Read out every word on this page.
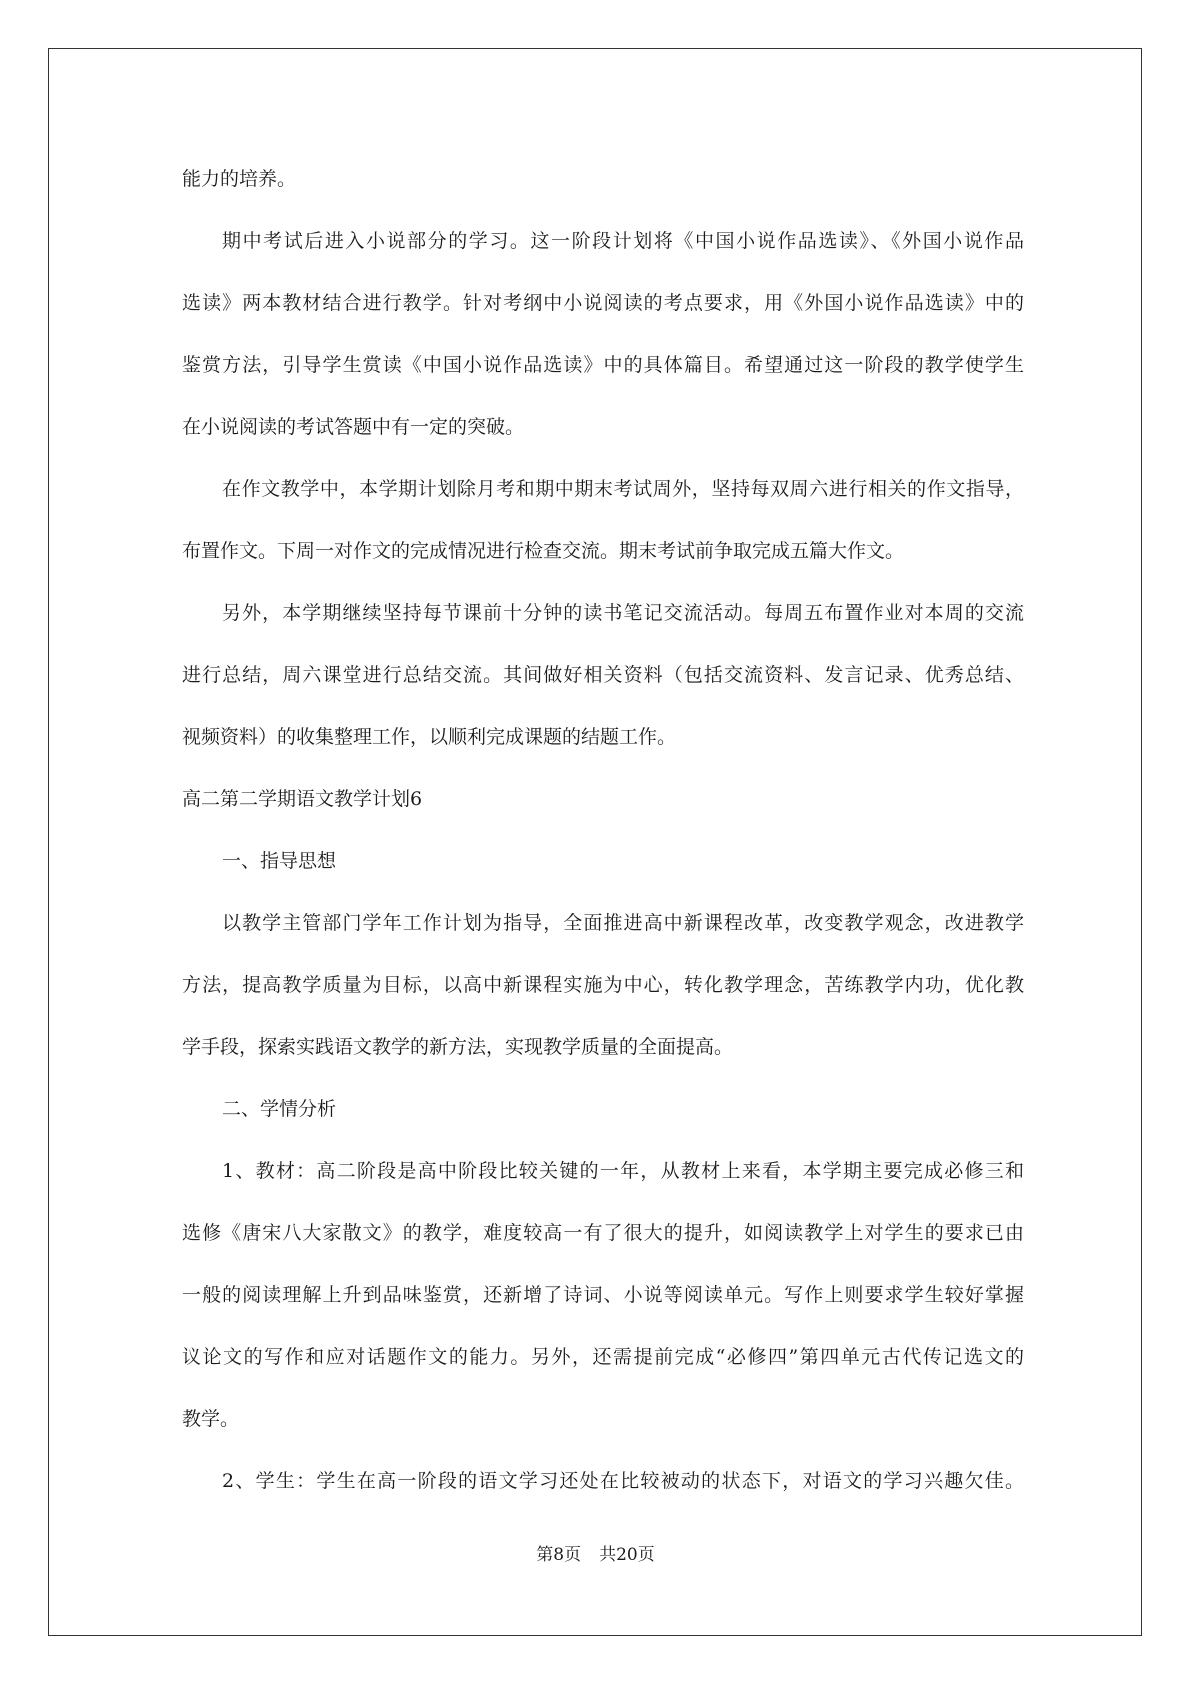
能力的培养。
期中考试后进入小说部分的学习。这一阶段计划将《中国小说作品选读》、《外国小说作品
选读》两本教材结合进行教学。针对考纲中小说阅读的考点要求，用《外国小说作品选读》中的
鉴赏方法，引导学生赏读《中国小说作品选读》中的具体篇目。希望通过这一阶段的教学使学生
在小说阅读的考试答题中有一定的突破。
在作文教学中，本学期计划除月考和期中期末考试周外，坚持每双周六进行相关的作文指导，
布置作文。下周一对作文的完成情况进行检查交流。期末考试前争取完成五篇大作文。
另外，本学期继续坚持每节课前十分钟的读书笔记交流活动。每周五布置作业对本周的交流
进行总结，周六课堂进行总结交流。其间做好相关资料（包括交流资料、发言记录、优秀总结、
视频资料）的收集整理工作，以顺利完成课题的结题工作。
高二第二学期语文教学计划6
一、指导思想
以教学主管部门学年工作计划为指导，全面推进高中新课程改革，改变教学观念，改进教学
方法，提高教学质量为目标，以高中新课程实施为中心，转化教学理念，苦练教学内功，优化教
学手段，探索实践语文教学的新方法，实现教学质量的全面提高。
二、学情分析
1、教材：高二阶段是高中阶段比较关键的一年，从教材上来看，本学期主要完成必修三和
选修《唐宋八大家散文》的教学，难度较高一有了很大的提升，如阅读教学上对学生的要求已由
一般的阅读理解上升到品味鉴赏，还新增了诗词、小说等阅读单元。写作上则要求学生较好掌握
议论文的写作和应对话题作文的能力。另外，还需提前完成“必修四”第四单元古代传记选文的
教学。
2、学生：学生在高一阶段的语文学习还处在比较被动的状态下，对语文的学习兴趣欠佳。
第8页 共20页
